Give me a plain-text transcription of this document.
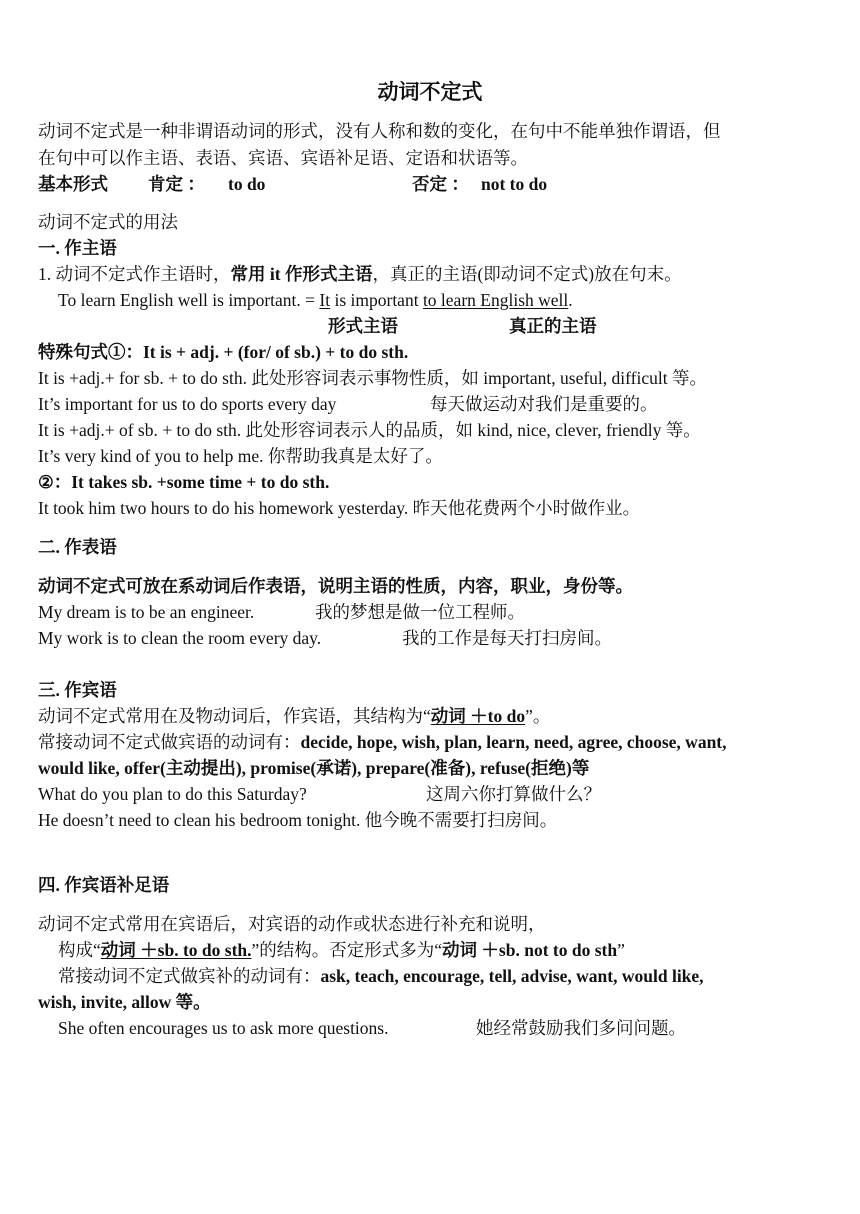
动词不定式
动词不定式是一种非谓语动词的形式，没有人称和数的变化，在句中不能单独作谓语，但
在句中可以作主语、表语、宾语、宾语补足语、定语和状语等。
基本形式 肯定 ： to do	否定 ： not to do
动词不定式的用法
一. 作主语
1. 动词不定式作主语时，常用 it 作形式主语，真正的主语(即动词不定式)放在句末。
To learn English well is important. = It is important to learn English well.
形式主语	真正的主语
特殊句式①：It is + adj. + (for/ of sb.) + to do sth.
It is +adj.+ for sb. + to do sth. 此处形容词表示事物性质，如 important, useful, difficult 等。
It’s important for us to do sports every day	每天做运动对我们是重要的。
It is +adj.+ of sb. + to do sth. 此处形容词表示人的品质，如 kind, nice, clever, friendly 等。
It’s very kind of you to help me. 你帮助我真是太好了。
②：It takes sb. +some time + to do sth.
It took him two hours to do his homework yesterday. 昨天他花费两个小时做作业。
二. 作表语
动词不定式可放在系动词后作表语，说明主语的性质，内容，职业，身份等。
My dream is to be an engineer.	我的梦想是做一位工程师。
My work is to clean the room every day.	我的工作是每天打扫房间。
三. 作宾语
动词不定式常用在及物动词后，作宾语，其结构为“动词 ＋to do”。
常接动词不定式做宾语的动词有：decide, hope, wish, plan, learn, need, agree, choose, want,
would like, offer(主动提出), promise(承诺), prepare(准备), refuse(拒绝)等
What do you plan to do this Saturday?	这周六你打算做什么？
He doesn’t need to clean his bedroom tonight. 他今晚不需要打扫房间。
四. 作宾语补足语
动词不定式常用在宾语后，对宾语的动作或状态进行补充和说明，
构成“动词 ＋sb. to do sth.”的结构。否定形式多为“动词 ＋sb. not to do sth”
常接动词不定式做宾补的动词有：ask, teach, encourage, tell, advise, want, would like,
wish, invite, allow 等。
She often encourages us to ask more questions.	她经常鼓励我们多问问题。
